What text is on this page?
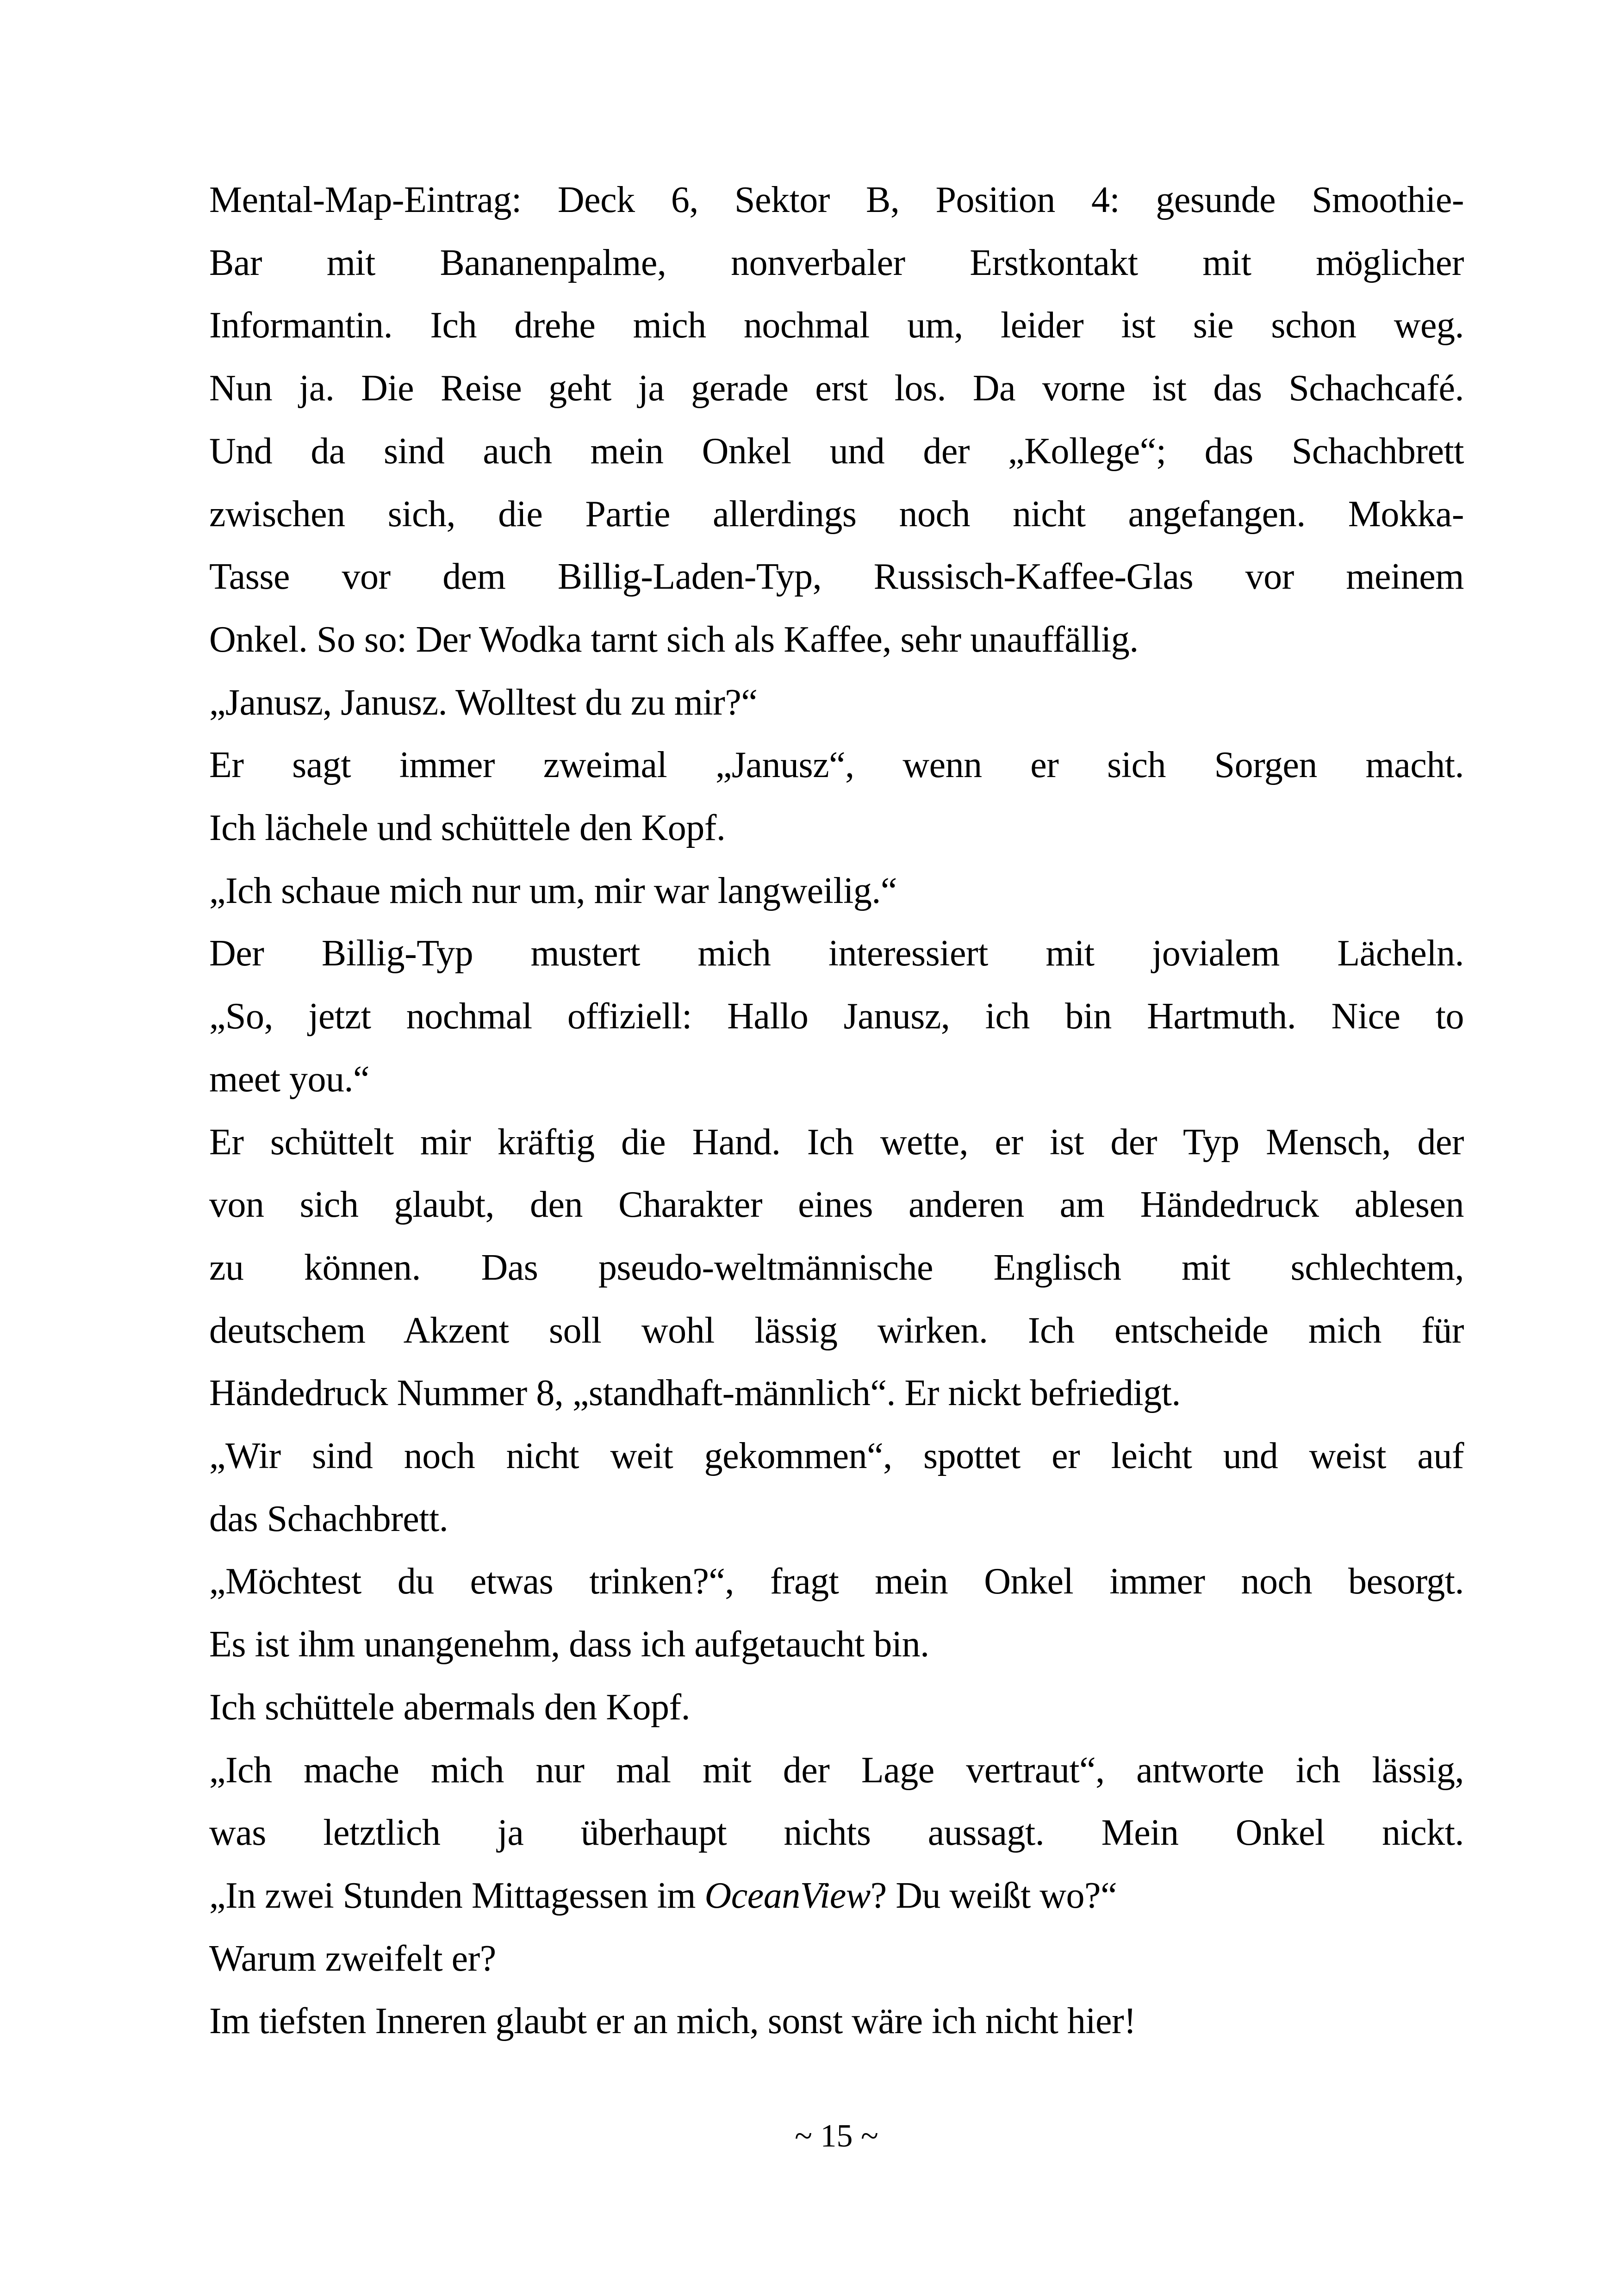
Mental-Map-Eintrag: Deck 6, Sektor B, Position 4: gesunde Smoothie-
Bar mit Bananenpalme, nonverbaler Erstkontakt mit möglicher
Informantin. Ich drehe mich nochmal um, leider ist sie schon weg.
Nun ja. Die Reise geht ja gerade erst los. Da vorne ist das Schachcafé.
Und da sind auch mein Onkel und der „Kollege“; das Schachbrett
zwischen sich, die Partie allerdings noch nicht angefangen. Mokka-
Tasse vor dem Billig-Laden-Typ, Russisch-Kaffee-Glas vor meinem
Onkel. So so: Der Wodka tarnt sich als Kaffee, sehr unauffällig.
„Janusz, Janusz. Wolltest du zu mir?“
Er sagt immer zweimal „Janusz“, wenn er sich Sorgen macht.
Ich lächele und schüttele den Kopf.
„Ich schaue mich nur um, mir war langweilig.“
Der Billig-Typ mustert mich interessiert mit jovialem Lächeln.
„So, jetzt nochmal offiziell: Hallo Janusz, ich bin Hartmuth. Nice to
meet you.“
Er schüttelt mir kräftig die Hand. Ich wette, er ist der Typ Mensch, der
von sich glaubt, den Charakter eines anderen am Händedruck ablesen
zu können. Das pseudo-weltmännische Englisch mit schlechtem,
deutschem Akzent soll wohl lässig wirken. Ich entscheide mich für
Händedruck Nummer 8, „standhaft-männlich“. Er nickt befriedigt.
„Wir sind noch nicht weit gekommen“, spottet er leicht und weist auf
das Schachbrett.
„Möchtest du etwas trinken?“, fragt mein Onkel immer noch besorgt.
Es ist ihm unangenehm, dass ich aufgetaucht bin.
Ich schüttele abermals den Kopf.
„Ich mache mich nur mal mit der Lage vertraut“, antworte ich lässig,
was letztlich ja überhaupt nichts aussagt. Mein Onkel nickt.
„In zwei Stunden Mittagessen im OceanView? Du weißt wo?“
Warum zweifelt er?
Im tiefsten Inneren glaubt er an mich, sonst wäre ich nicht hier!
~ 15 ~
